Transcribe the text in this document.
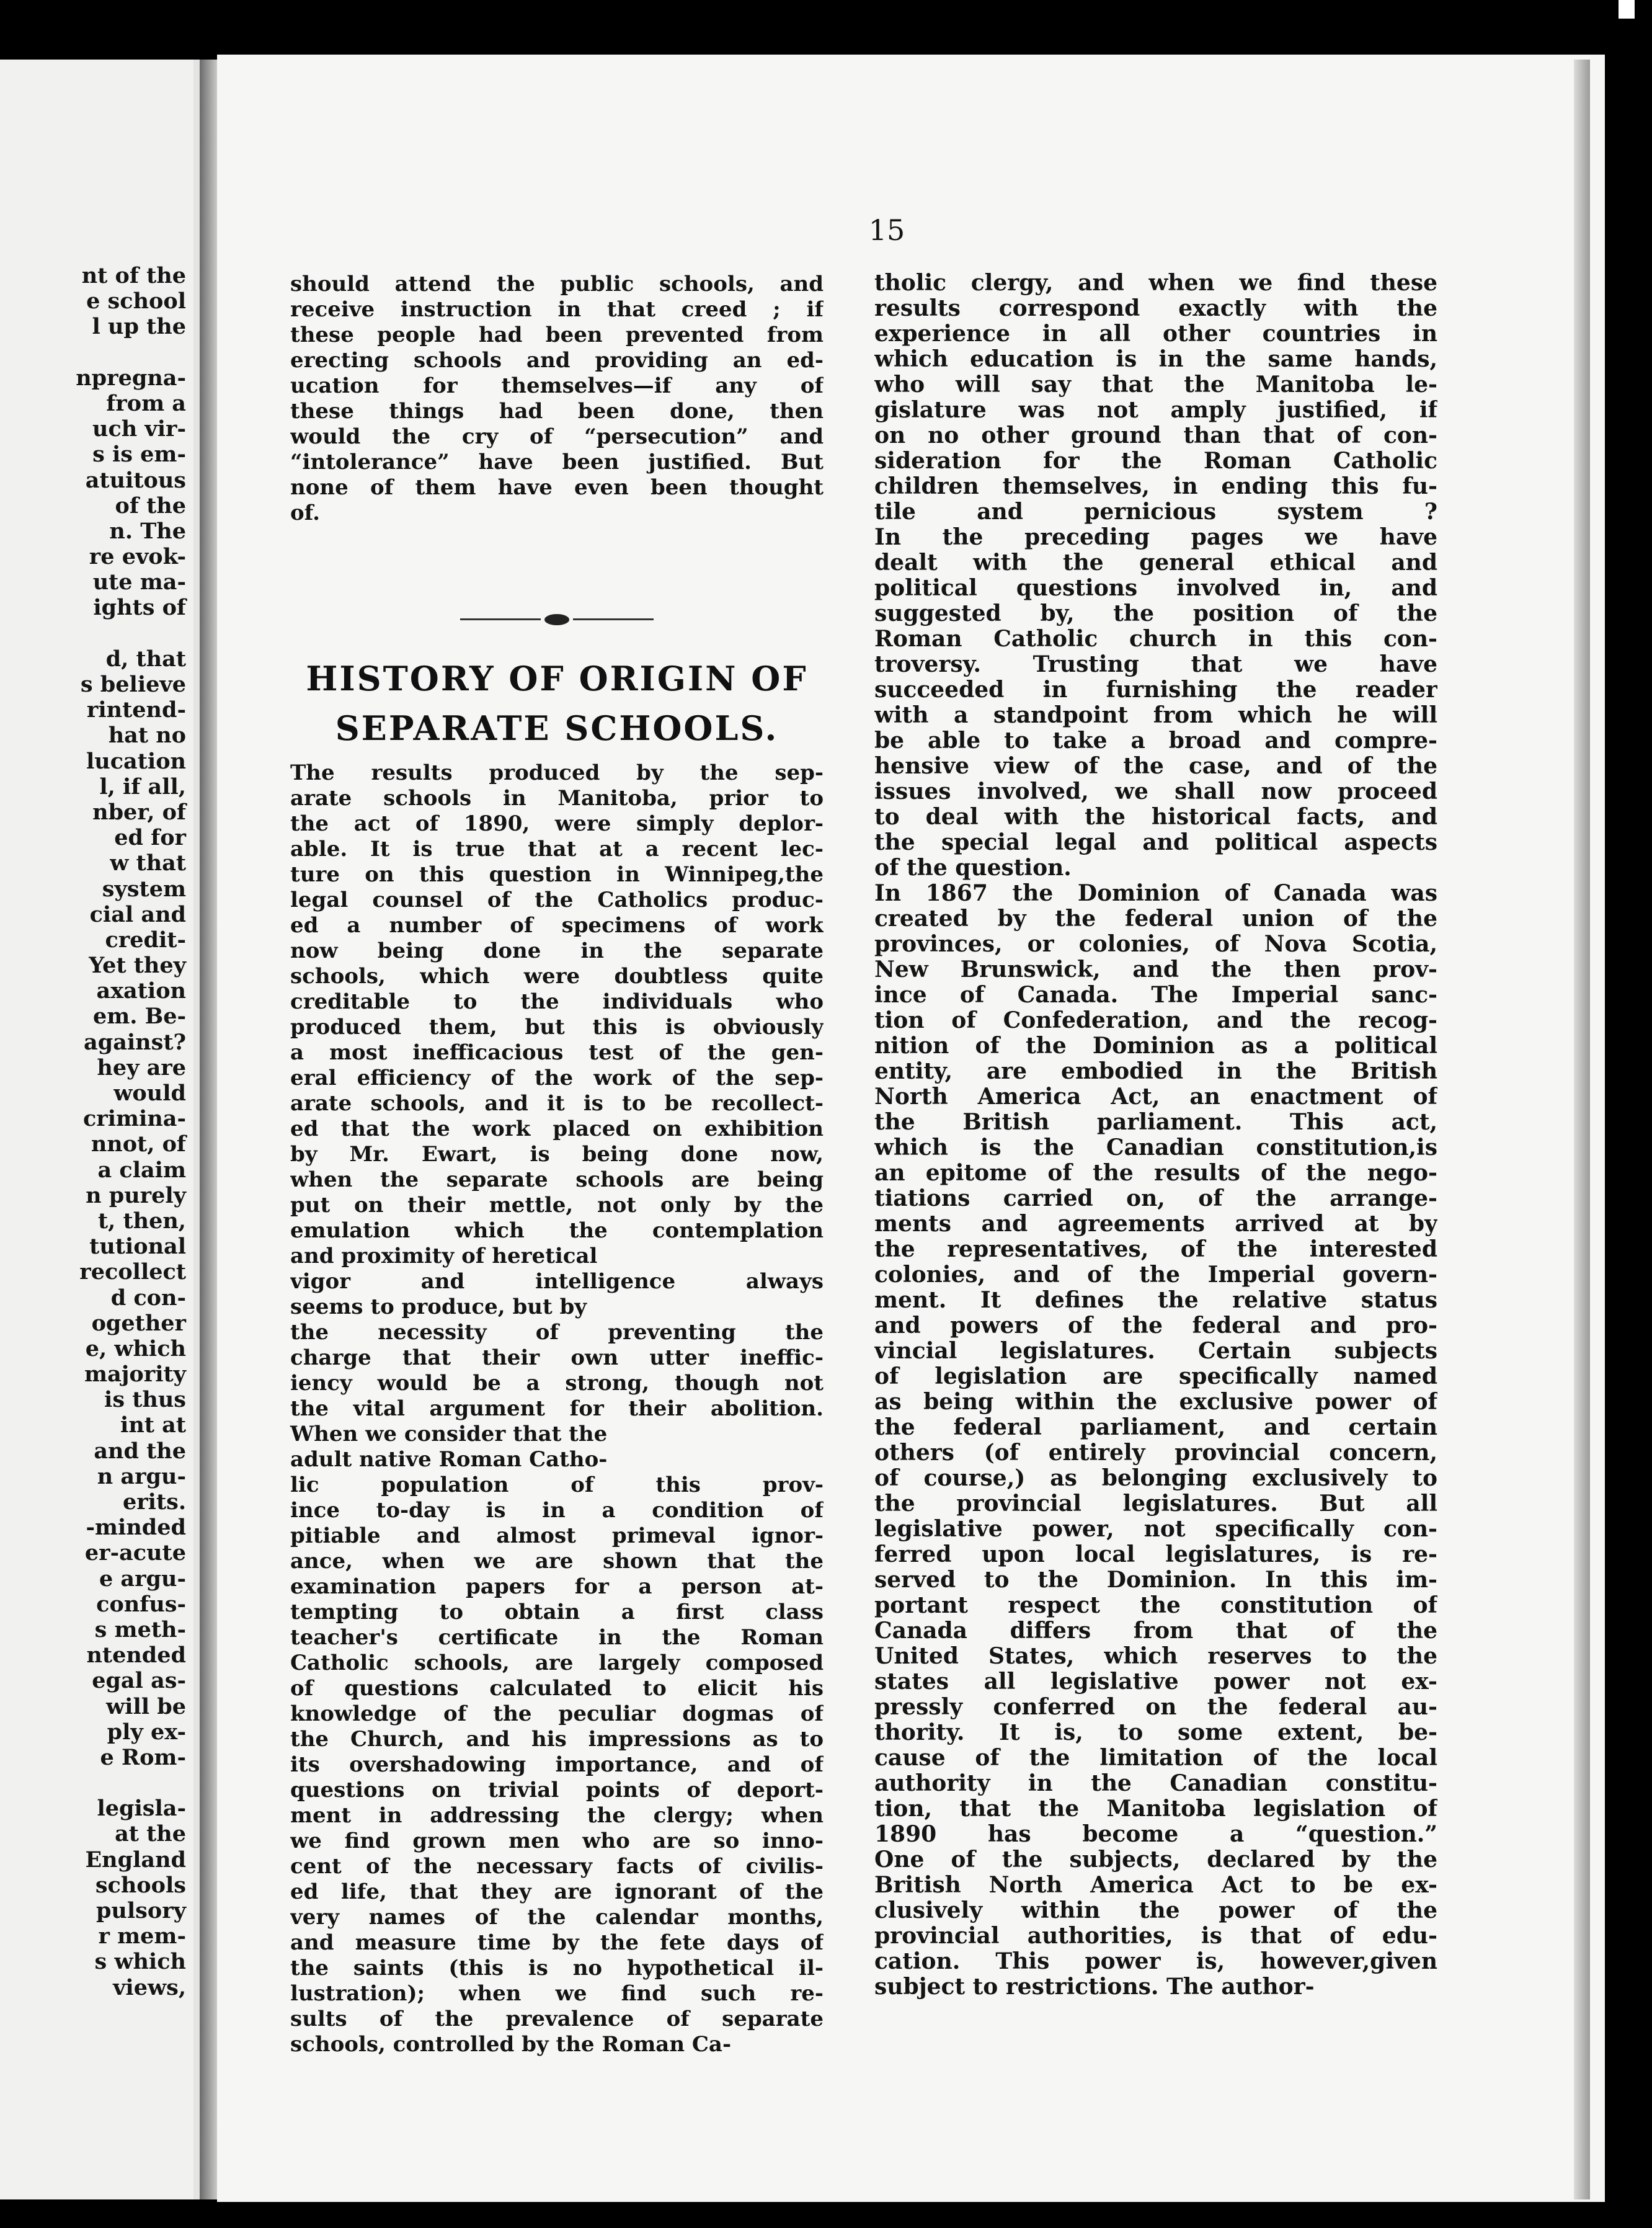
nt of the
e school
l up the
npregna-
from a
uch vir-
s is em-
atuitous
of the
n. The
re evok-
ute ma-
ights of
d, that
s believe
rintend-
hat no
lucation
l, if all,
nber, of
ed for
w that
system
cial and
credit-
Yet they
axation
em. Be-
against?
hey are
would
crimina-
nnot, of
a claim
n purely
t, then,
tutional
recollect
d con-
ogether
e, which
majority
is thus
int at
and the
n argu-
erits.
-minded
er-acute
e argu-
confus-
s meth-
ntended
egal as-
will be
ply ex-
e Rom-
legisla-
at the
England
schools
pulsory
r mem-
s which
views,
15
should attend the public schools, and
receive instruction in that creed ; if
these people had been prevented from
erecting schools and providing an ed-
ucation for themselves—if any of
these things had been done, then
would the cry of “persecution” and
“intolerance” have been justified. But
none of them have even been thought
of.
HISTORY OF ORIGIN OF
SEPARATE SCHOOLS.
The results produced by the sep-
arate schools in Manitoba, prior to
the act of 1890, were simply deplor-
able. It is true that at a recent lec-
ture on this question in Winnipeg,the
legal counsel of the Catholics produc-
ed a number of specimens of work
now being done in the separate
schools, which were doubtless quite
creditable to the individuals who
produced them, but this is obviously
a most inefficacious test of the gen-
eral efficiency of the work of the sep-
arate schools, and it is to be recollect-
ed that the work placed on exhibition
by Mr. Ewart, is being done now,
when the separate schools are being
put on their mettle, not only by the
emulation which the contemplation
and proximity of heretical
vigor and intelligence always
seems to produce, but by
the necessity of preventing the
charge that their own utter ineffic-
iency would be a strong, though not
the vital argument for their abolition.
When we consider that the
adult native Roman Catho-
lic population of this prov-
ince to-day is in a condition of
pitiable and almost primeval ignor-
ance, when we are shown that the
examination papers for a person at-
tempting to obtain a first class
teacher's certificate in the Roman
Catholic schools, are largely composed
of questions calculated to elicit his
knowledge of the peculiar dogmas of
the Church, and his impressions as to
its overshadowing importance, and of
questions on trivial points of deport-
ment in addressing the clergy; when
we find grown men who are so inno-
cent of the necessary facts of civilis-
ed life, that they are ignorant of the
very names of the calendar months,
and measure time by the fete days of
the saints (this is no hypothetical il-
lustration); when we find such re-
sults of the prevalence of separate
schools, controlled by the Roman Ca-
tholic clergy, and when we find these
results correspond exactly with the
experience in all other countries in
which education is in the same hands,
who will say that the Manitoba le-
gislature was not amply justified, if
on no other ground than that of con-
sideration for the Roman Catholic
children themselves, in ending this fu-
tile and pernicious system ?
In the preceding pages we have
dealt with the general ethical and
political questions involved in, and
suggested by, the position of the
Roman Catholic church in this con-
troversy. Trusting that we have
succeeded in furnishing the reader
with a standpoint from which he will
be able to take a broad and compre-
hensive view of the case, and of the
issues involved, we shall now proceed
to deal with the historical facts, and
the special legal and political aspects
of the question.
In 1867 the Dominion of Canada was
created by the federal union of the
provinces, or colonies, of Nova Scotia,
New Brunswick, and the then prov-
ince of Canada. The Imperial sanc-
tion of Confederation, and the recog-
nition of the Dominion as a political
entity, are embodied in the British
North America Act, an enactment of
the British parliament. This act,
which is the Canadian constitution,is
an epitome of the results of the nego-
tiations carried on, of the arrange-
ments and agreements arrived at by
the representatives, of the interested
colonies, and of the Imperial govern-
ment. It defines the relative status
and powers of the federal and pro-
vincial legislatures. Certain subjects
of legislation are specifically named
as being within the exclusive power of
the federal parliament, and certain
others (of entirely provincial concern,
of course,) as belonging exclusively to
the provincial legislatures. But all
legislative power, not specifically con-
ferred upon local legislatures, is re-
served to the Dominion. In this im-
portant respect the constitution of
Canada differs from that of the
United States, which reserves to the
states all legislative power not ex-
pressly conferred on the federal au-
thority. It is, to some extent, be-
cause of the limitation of the local
authority in the Canadian constitu-
tion, that the Manitoba legislation of
1890 has become a “question.”
One of the subjects, declared by the
British North America Act to be ex-
clusively within the power of the
provincial authorities, is that of edu-
cation. This power is, however,given
subject to restrictions. The author-
